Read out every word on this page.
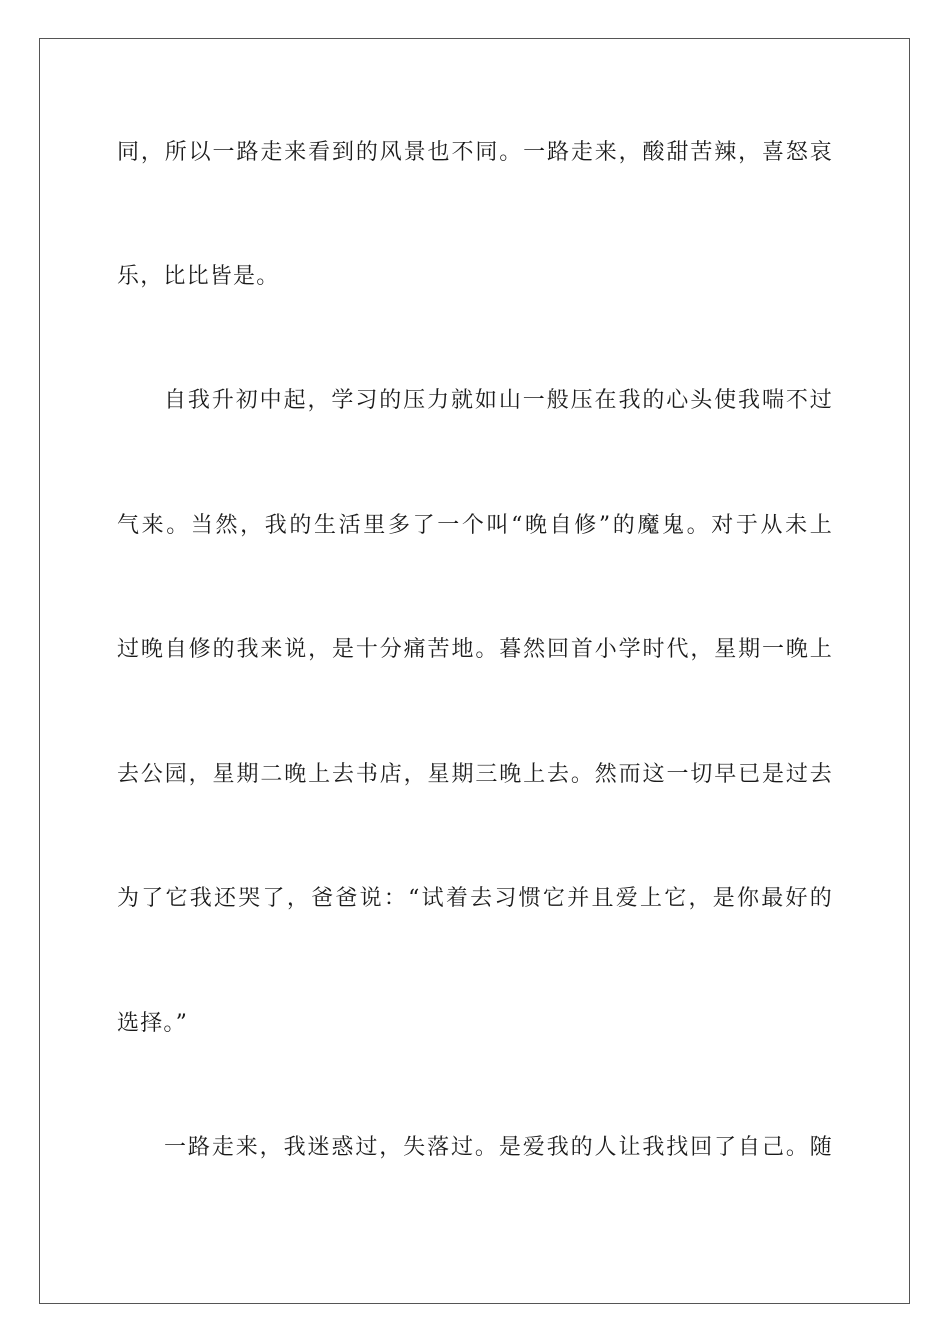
同，所以一路走来看到的风景也不同。一路走来，酸甜苦辣，喜怒哀
乐，比比皆是。
自我升初中起，学习的压力就如山一般压在我的心头使我喘不过
气来。当然，我的生活里多了一个叫“晚自修”的魔鬼。对于从未上
过晚自修的我来说，是十分痛苦地。暮然回首小学时代，星期一晚上
去公园，星期二晚上去书店，星期三晚上去。然而这一切早已是过去
为了它我还哭了，爸爸说：“试着去习惯它并且爱上它，是你最好的
选择。”
一路走来，我迷惑过，失落过。是爱我的人让我找回了自己。随
